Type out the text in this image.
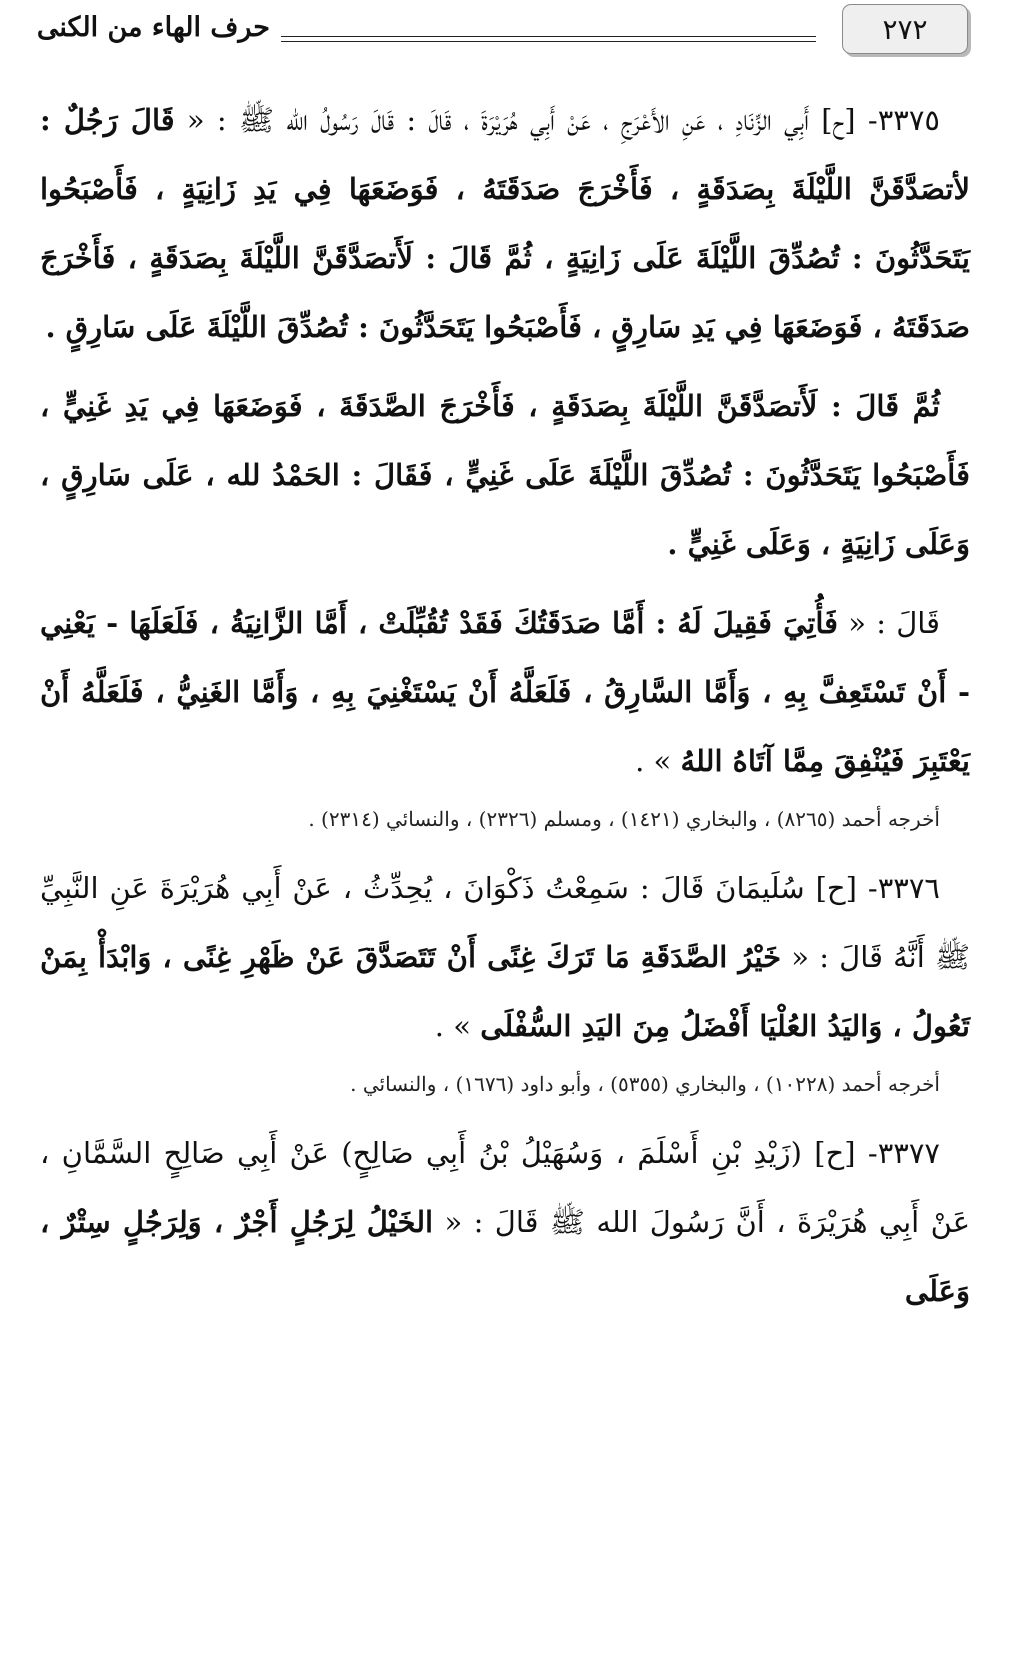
٢٧٢
حرف الهاء من الكنى

٣٣٧٥- [ح] أَبِي الزِّنَادِ ، عَنِ الأَعْرَجِ ، عَنْ أَبِي هُرَيْرَةَ ، قَالَ : قَالَ رَسُولُ الله ﷺ : « قَالَ رَجُلٌ : لأتصَدَّقَنَّ اللَّيْلَةَ بِصَدَقَةٍ ، فَأَخْرَجَ صَدَقَتَهُ ، فَوَضَعَهَا فِي يَدِ زَانِيَةٍ ، فَأَصْبَحُوا يَتَحَدَّثُونَ : تُصُدِّقَ اللَّيْلَةَ عَلَى زَانِيَةٍ ، ثُمَّ قَالَ : لَأَتصَدَّقَنَّ اللَّيْلَةَ بِصَدَقَةٍ ، فَأَخْرَجَ صَدَقَتَهُ ، فَوَضَعَهَا فِي يَدِ سَارِقٍ ، فَأَصْبَحُوا يَتَحَدَّثُونَ : تُصُدِّقَ اللَّيْلَةَ عَلَى سَارِقٍ .

ثُمَّ قَالَ : لَأَتصَدَّقَنَّ اللَّيْلَةَ بِصَدَقَةٍ ، فَأَخْرَجَ الصَّدَقَةَ ، فَوَضَعَهَا فِي يَدِ غَنِيٍّ ، فَأَصْبَحُوا يَتَحَدَّثُونَ : تُصُدِّقَ اللَّيْلَةَ عَلَى غَنِيٍّ ، فَقَالَ : الحَمْدُ لله ، عَلَى سَارِقٍ ، وَعَلَى زَانِيَةٍ ، وَعَلَى غَنِيٍّ .

قَالَ : « فَأُتِيَ فَقِيلَ لَهُ : أَمَّا صَدَقَتُكَ فَقَدْ تُقُبِّلَتْ ، أَمَّا الزَّانِيَةُ ، فَلَعَلَهَا - يَعْنِي - أَنْ تَسْتَعِفَّ بِهِ ، وَأَمَّا السَّارِقُ ، فَلَعَلَّهُ أَنْ يَسْتَغْنِيَ بِهِ ، وَأَمَّا الغَنِيُّ ، فَلَعَلَّهُ أَنْ يَعْتَبِرَ فَيُنْفِقَ مِمَّا آتَاهُ اللهُ » .

أخرجه أحمد (٨٢٦٥) ، والبخاري (١٤٢١) ، ومسلم (٢٣٢٦) ، والنسائي (٢٣١٤) .

٣٣٧٦- [ح] سُلَيمَانَ قَالَ : سَمِعْتُ ذَكْوَانَ ، يُحِدِّثُ ، عَنْ أَبِي هُرَيْرَةَ عَنِ النَّبِيِّ ﷺ أَنَّهُ قَالَ : « خَيْرُ الصَّدَقَةِ مَا تَرَكَ غِنًى أَنْ تَتَصَدَّقَ عَنْ ظَهْرِ غِنًى ، وَابْدَأْ بِمَنْ تَعُولُ ، وَاليَدُ العُلْيَا أَفْضَلُ مِنَ اليَدِ السُّفْلَى » .

أخرجه أحمد (١٠٢٢٨) ، والبخاري (٥٣٥٥) ، وأبو داود (١٦٧٦) ، والنسائي .

٣٣٧٧- [ح] (زَيْدِ بْنِ أَسْلَمَ ، وَسُهَيْلُ بْنُ أَبِي صَالِحٍ) عَنْ أَبِي صَالِحٍ السَّمَّانِ ، عَنْ أَبِي هُرَيْرَةَ ، أَنَّ رَسُولَ الله ﷺ قَالَ : « الخَيْلُ لِرَجُلٍ أَجْرٌ ، وَلِرَجُلٍ سِتْرٌ ، وَعَلَى
